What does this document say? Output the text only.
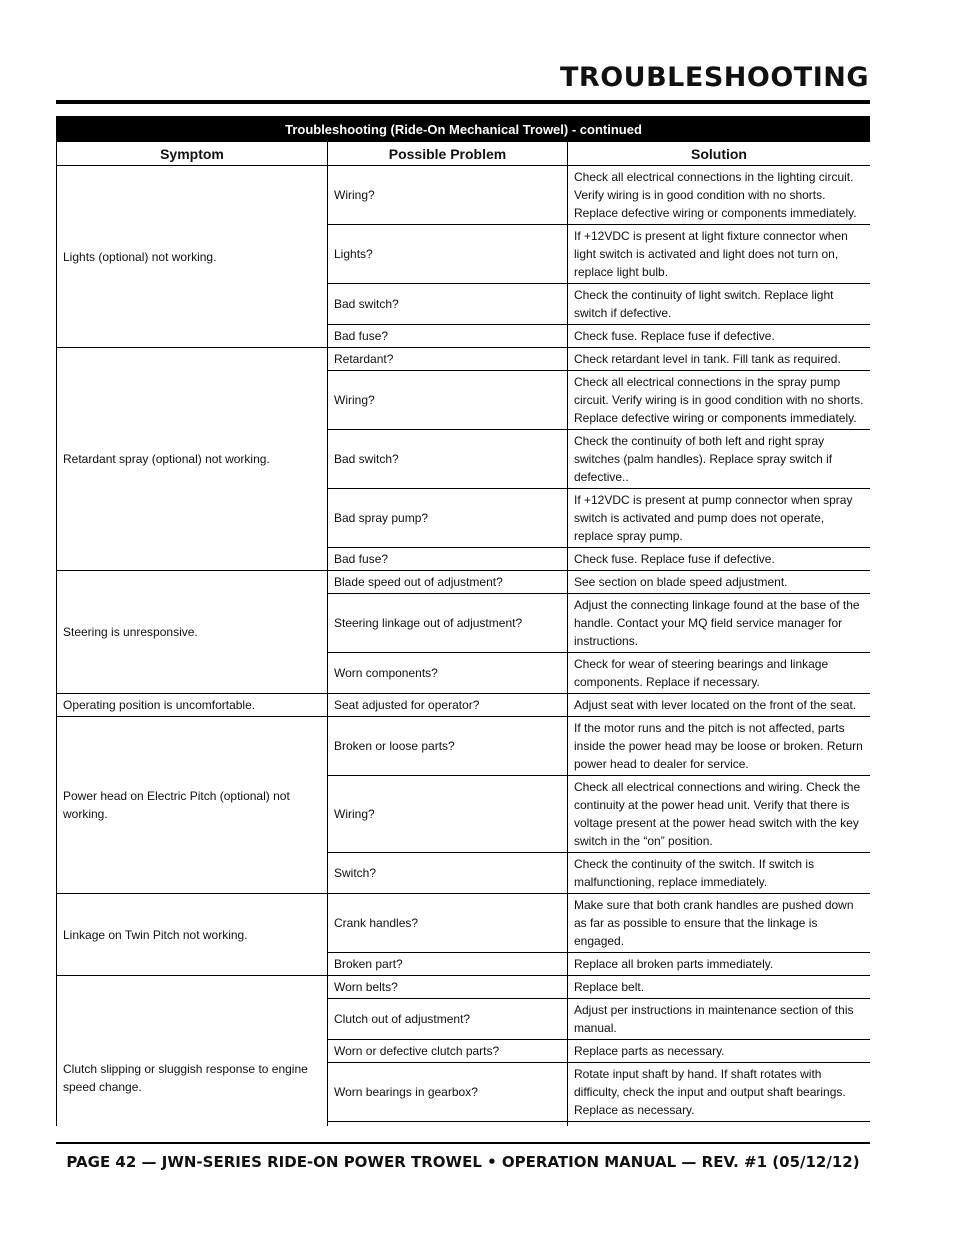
TROUBLESHOOTING
Troubleshooting (Ride-On Mechanical Trowel) - continued		
Symptom	Possible Problem	Solution
Lights (optional) not working.	Wiring?	Check all electrical connections in the lighting circuit. Verify wiring is in good condition with no shorts. Replace defective wiring or components immediately.
	Lights?	If +12VDC is present at light fixture connector when light switch is activated and light does not turn on, replace light bulb.
	Bad switch?	Check the continuity of light switch. Replace light switch if defective.
	Bad fuse?	Check fuse. Replace fuse if defective.
Retardant spray (optional) not working.	Retardant?	Check retardant level in tank. Fill tank as required.
	Wiring?	Check all electrical connections in the spray pump circuit. Verify wiring is in good condition with no shorts. Replace defective wiring or components immediately.
	Bad switch?	Check the continuity of both left and right spray switches (palm handles). Replace spray switch if defective..
	Bad spray pump?	If +12VDC is present at pump connector when spray switch is activated and pump does not operate, replace spray pump.
	Bad fuse?	Check fuse. Replace fuse if defective.
Steering is unresponsive.	Blade speed out of adjustment?	See section on blade speed adjustment.
	Steering linkage out of adjustment?	Adjust the connecting linkage found at the base of the handle. Contact your MQ field service manager for instructions.
	Worn components?	Check for wear of steering bearings and linkage components. Replace if necessary.
Operating position is uncomfortable.	Seat adjusted for operator?	Adjust seat with lever located on the front of the seat.
Power head on Electric Pitch (optional) not working.	Broken or loose parts?	If the motor runs and the pitch is not affected, parts inside the power head may be loose or broken. Return power head to dealer for service.
	Wiring?	Check all electrical connections and wiring. Check the continuity at the power head unit. Verify that there is voltage present at the power head switch with the key switch in the “on” position.
	Switch?	Check the continuity of the switch. If switch is malfunctioning, replace immediately.
Linkage on Twin Pitch not working.	Crank handles?	Make sure that both crank handles are pushed down as far as possible to ensure that the linkage is engaged.
	Broken part?	Replace all broken parts immediately.
Clutch slipping or sluggish response to engine speed change.	Worn belts?	Replace belt.
	Clutch out of adjustment?	Adjust per instructions in maintenance section of this manual.
	Worn or defective clutch parts?	Replace parts as necessary.
	Worn bearings in gearbox?	Rotate input shaft by hand. If shaft rotates with difficulty, check the input and output shaft bearings. Replace as necessary.

PAGE 42 — JWN-SERIES RIDE-ON POWER TROWEL • OPERATION MANUAL — REV. #1 (05/12/12)
